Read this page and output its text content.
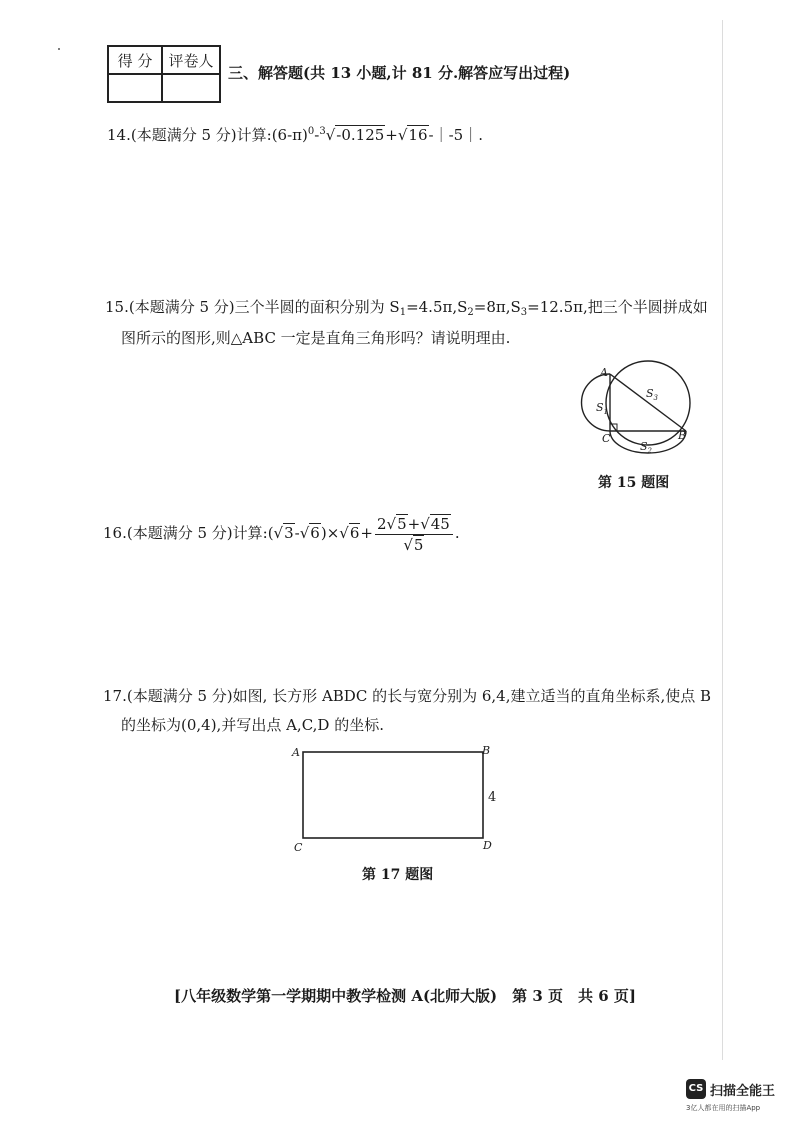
得 分	评卷人

三、解答题(共 13 小题,计 81 分.解答应写出过程)
14.(本题满分 5 分)计算$:(6-\pi)^0-^3√-0.125+√16-|-5|$.
15.(本题满分 5 分)三个半圆的面积分别为 $S_1=4.5\pi,S_2=8\pi,S_3=12.5\pi$,把三个半圆拼成如
图所示的图形,则△ABC 一定是直角三角形吗？请说明理由.
A
C	B
$S_1$
$S_2$
$S_3$
第 15 题图
16.(本题满分 5 分)计算:(√3-√6)×√6+ $\frac{2√5+√45}{√5}$ .
17.(本题满分 5 分)如图, 长方形 ABDC 的长与宽分别为 6,4,建立适当的直角坐标系,使点 B
的坐标为(0,4),并写出点 A,C,D 的坐标.
A	B
C	D
4
第 17 题图
[八年级数学第一学期期中教学检测 A(北师大版)　第 3 页　共 6 页]
CS 扫描全能王
3亿人都在用的扫描App
